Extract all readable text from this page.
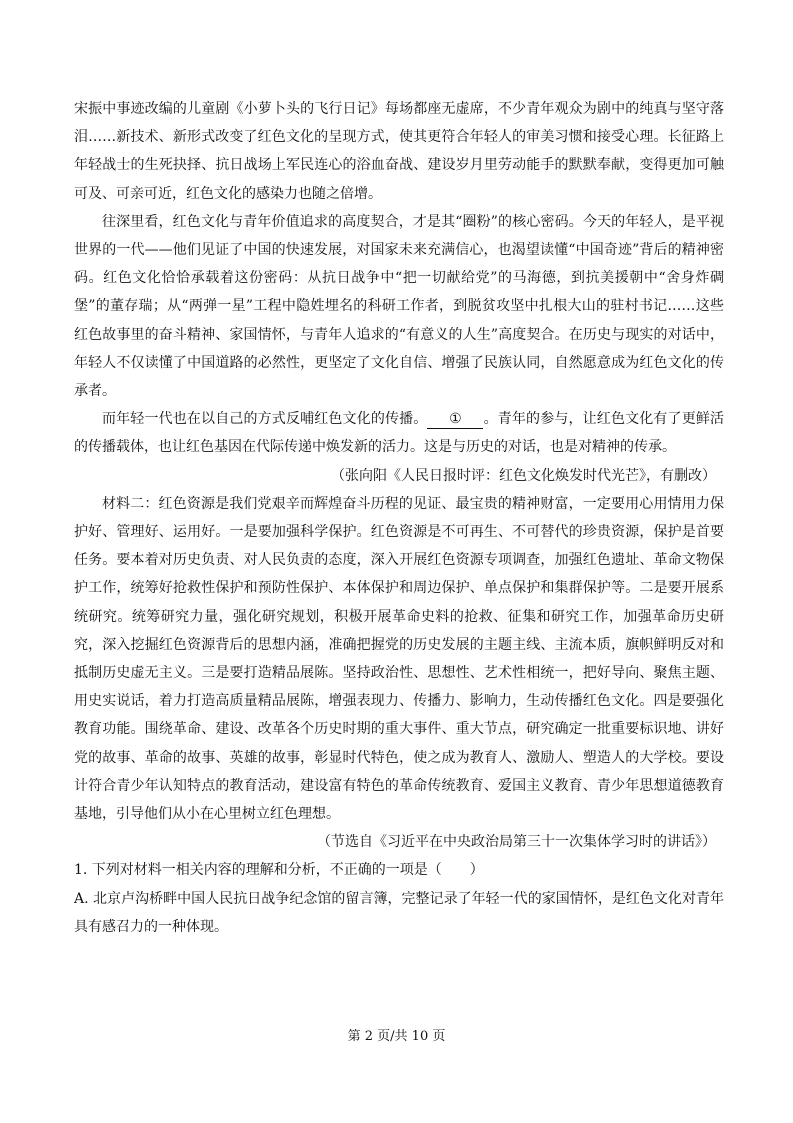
宋振中事迹改编的儿童剧《小萝卜头的飞行日记》每场都座无虚席，不少青年观众为剧中的纯真与坚守落泪……新技术、新形式改变了红色文化的呈现方式，使其更符合年轻人的审美习惯和接受心理。长征路上年轻战士的生死抉择、抗日战场上军民连心的浴血奋战、建设岁月里劳动能手的默默奉献，变得更加可触可及、可亲可近，红色文化的感染力也随之倍增。

往深里看，红色文化与青年价值追求的高度契合，才是其“圈粉”的核心密码。今天的年轻人，是平视世界的一代——他们见证了中国的快速发展，对国家未来充满信心，也渴望读懂“中国奇迹”背后的精神密码。红色文化恰恰承载着这份密码：从抗日战争中“把一切献给党”的马海德，到抗美援朝中“舍身炸碉堡”的董存瑞；从“两弹一星”工程中隐姓埋名的科研工作者，到脱贫攻坚中扎根大山的驻村书记……这些红色故事里的奋斗精神、家国情怀，与青年人追求的“有意义的人生”高度契合。在历史与现实的对话中，年轻人不仅读懂了中国道路的必然性，更坚定了文化自信、增强了民族认同，自然愿意成为红色文化的传承者。

而年轻一代也在以自己的方式反哺红色文化的传播。 ① 。青年的参与，让红色文化有了更鲜活的传播载体，也让红色基因在代际传递中焕发新的活力。这是与历史的对话，也是对精神的传承。

（张向阳《人民日报时评：红色文化焕发时代光芒》，有删改）

材料二：红色资源是我们党艰辛而辉煌奋斗历程的见证、最宝贵的精神财富，一定要用心用情用力保护好、管理好、运用好。一是要加强科学保护。红色资源是不可再生、不可替代的珍贵资源，保护是首要任务。要本着对历史负责、对人民负责的态度，深入开展红色资源专项调查，加强红色遗址、革命文物保护工作，统筹好抢救性保护和预防性保护、本体保护和周边保护、单点保护和集群保护等。二是要开展系统研究。统筹研究力量，强化研究规划，积极开展革命史料的抢救、征集和研究工作，加强革命历史研究，深入挖掘红色资源背后的思想内涵，准确把握党的历史发展的主题主线、主流本质，旗帜鲜明反对和抵制历史虚无主义。三是要打造精品展陈。坚持政治性、思想性、艺术性相统一，把好导向、聚焦主题、用史实说话，着力打造高质量精品展陈，增强表现力、传播力、影响力，生动传播红色文化。四是要强化教育功能。围绕革命、建设、改革各个历史时期的重大事件、重大节点，研究确定一批重要标识地、讲好党的故事、革命的故事、英雄的故事，彰显时代特色，使之成为教育人、激励人、塑造人的大学校。要设计符合青少年认知特点的教育活动，建设富有特色的革命传统教育、爱国主义教育、青少年思想道德教育基地，引导他们从小在心里树立红色理想。

（节选自《习近平在中央政治局第三十一次集体学习时的讲话》）

1. 下列对材料一相关内容的理解和分析，不正确的一项是（　　）

A. 北京卢沟桥畔中国人民抗日战争纪念馆的留言簿，完整记录了年轻一代的家国情怀，是红色文化对青年具有感召力的一种体现。

第 2 页/共 10 页
